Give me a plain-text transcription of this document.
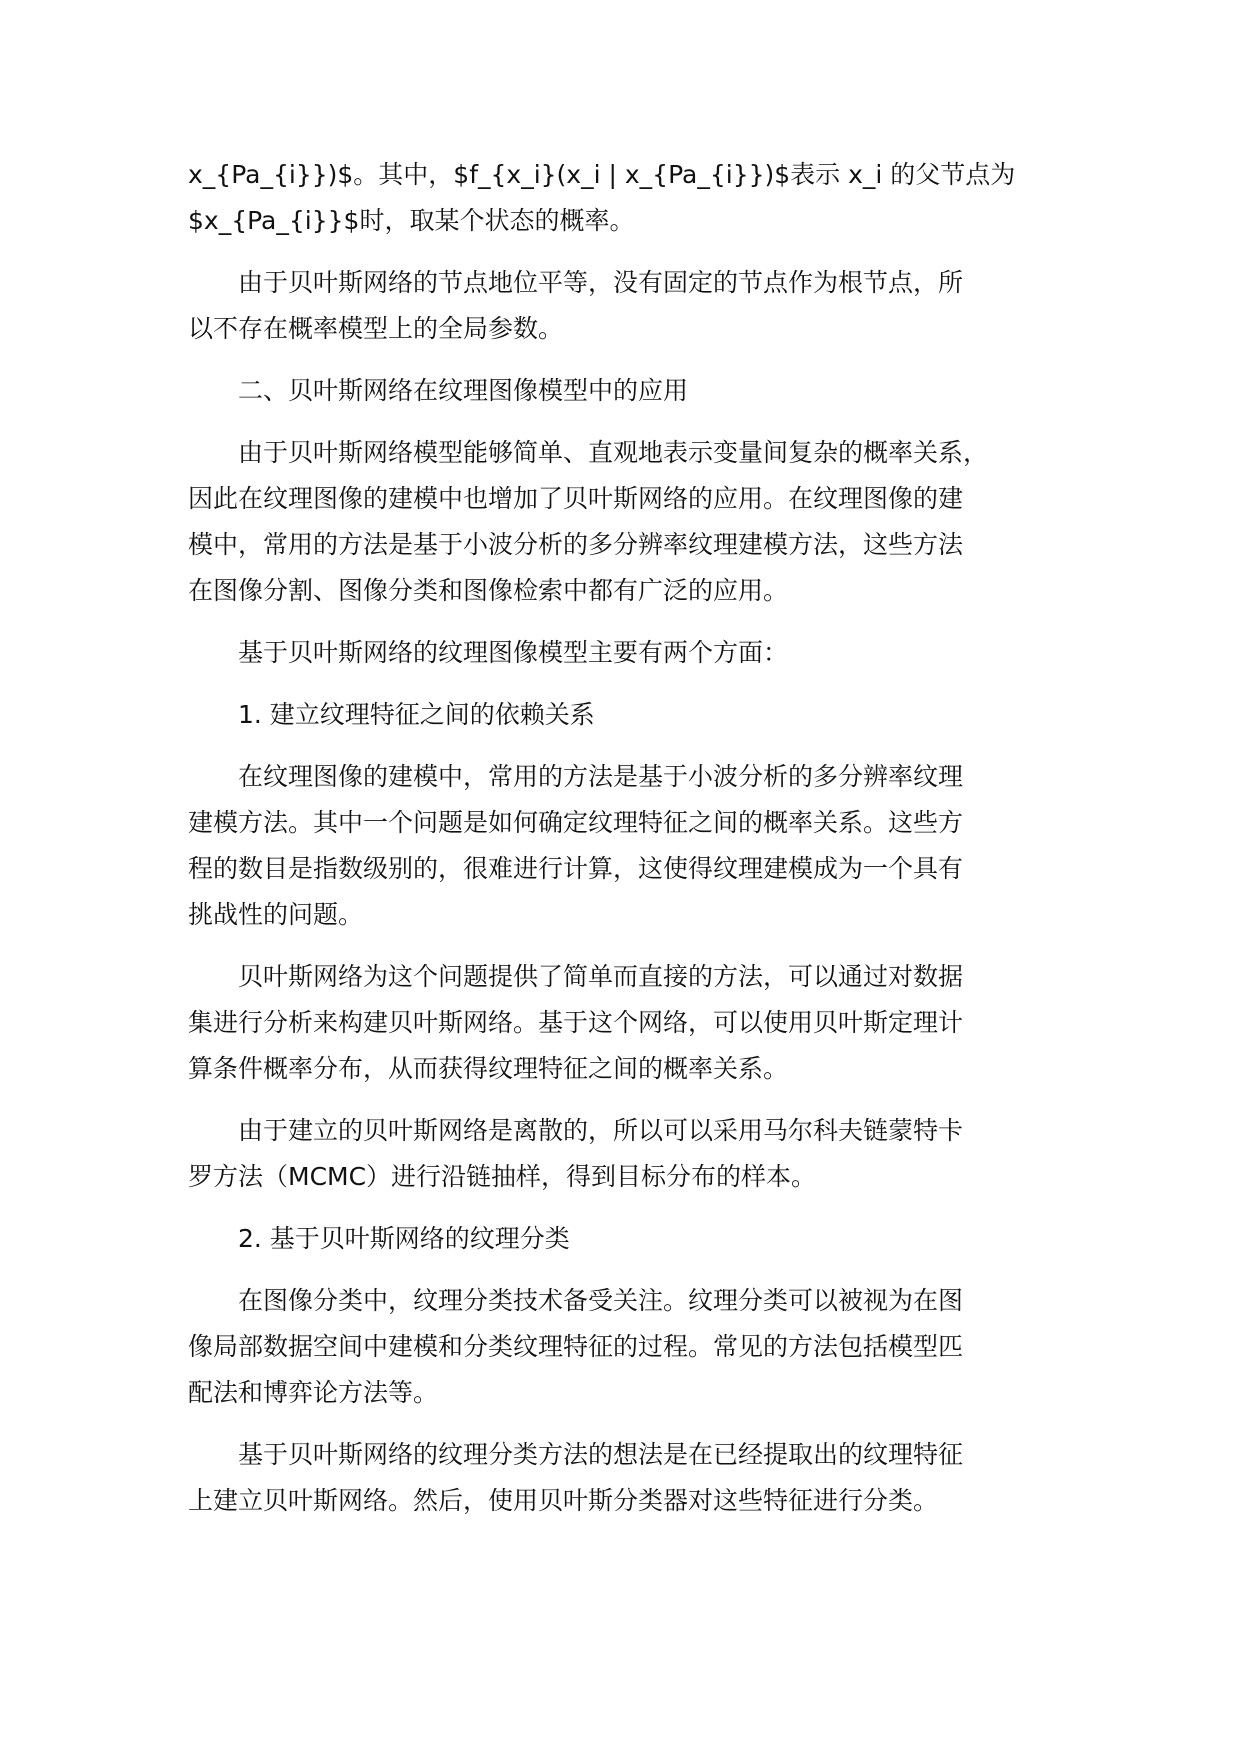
x_{Pa_{i}})$。其中，$f_{x_i}(x_i | x_{Pa_{i}})$表示 x_i 的父节点为
$x_{Pa_{i}}$时，取某个状态的概率。

由于贝叶斯网络的节点地位平等，没有固定的节点作为根节点，所
以不存在概率模型上的全局参数。

二、贝叶斯网络在纹理图像模型中的应用

由于贝叶斯网络模型能够简单、直观地表示变量间复杂的概率关系，
因此在纹理图像的建模中也增加了贝叶斯网络的应用。在纹理图像的建
模中，常用的方法是基于小波分析的多分辨率纹理建模方法，这些方法
在图像分割、图像分类和图像检索中都有广泛的应用。

基于贝叶斯网络的纹理图像模型主要有两个方面：

1. 建立纹理特征之间的依赖关系

在纹理图像的建模中，常用的方法是基于小波分析的多分辨率纹理
建模方法。其中一个问题是如何确定纹理特征之间的概率关系。这些方
程的数目是指数级别的，很难进行计算，这使得纹理建模成为一个具有
挑战性的问题。

贝叶斯网络为这个问题提供了简单而直接的方法，可以通过对数据
集进行分析来构建贝叶斯网络。基于这个网络，可以使用贝叶斯定理计
算条件概率分布，从而获得纹理特征之间的概率关系。

由于建立的贝叶斯网络是离散的，所以可以采用马尔科夫链蒙特卡
罗方法（MCMC）进行沿链抽样，得到目标分布的样本。

2. 基于贝叶斯网络的纹理分类

在图像分类中，纹理分类技术备受关注。纹理分类可以被视为在图
像局部数据空间中建模和分类纹理特征的过程。常见的方法包括模型匹
配法和博弈论方法等。

基于贝叶斯网络的纹理分类方法的想法是在已经提取出的纹理特征
上建立贝叶斯网络。然后，使用贝叶斯分类器对这些特征进行分类。
